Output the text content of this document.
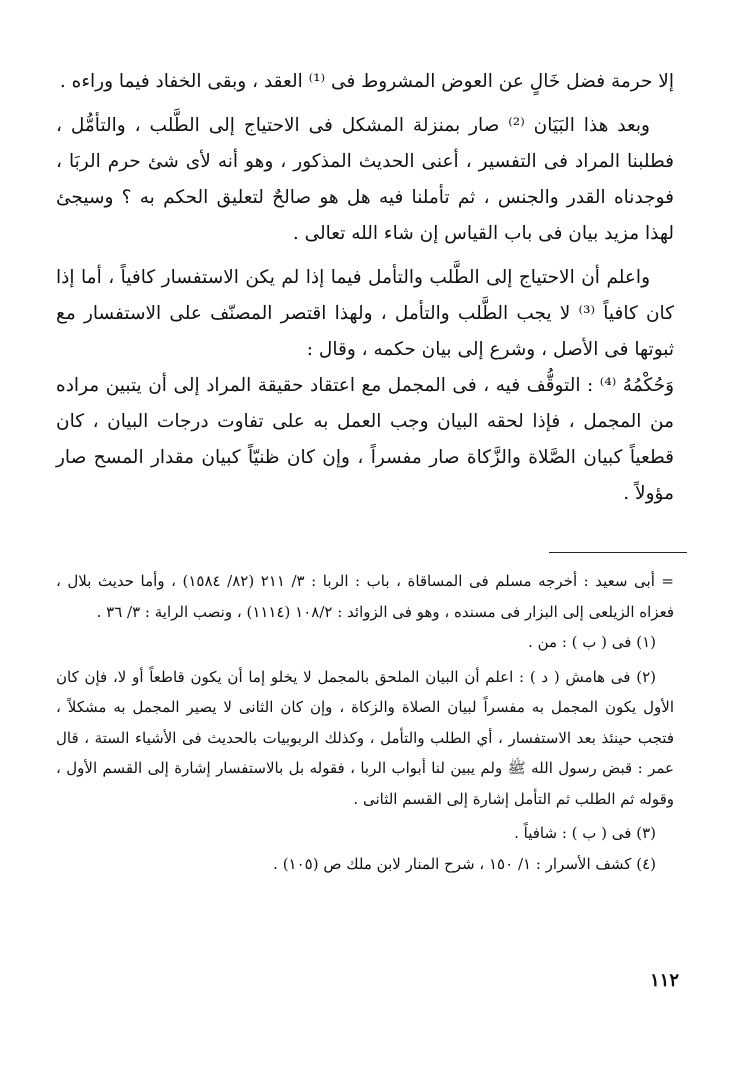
إلا حرمة فضل خَالٍ عن العوض المشروط فى ⁽¹⁾ العقد ، وبقى الخفاد فيما وراءه .

وبعد هذا البَيَان ⁽²⁾ صار بمنزلة المشكل فى الاحتياج إلى الطَّلب ، والتأمُّل ، فطلبنا المراد فى التفسير ، أعنى الحديث المذكور ، وهو أنه لأى شئ حرم الربَا ، فوجدناه القدر والجنس ، ثم تأملنا فيه هل هو صالحٌ لتعليق الحكم به ؟ وسيجئ لهذا مزيد بيان فى باب القياس إن شاء الله تعالى .

واعلم أن الاحتياج إلى الطَّلب والتأمل فيما إذا لم يكن الاستفسار كافياً ، أما إذا كان كافياً ⁽³⁾ لا يجب الطَّلب والتأمل ، ولهذا اقتصر المصنّف على الاستفسار مع ثبوتها فى الأصل ، وشرع إلى بيان حكمه ، وقال :

وَحُكْمُهُ ⁽⁴⁾ : التوقُّف فيه ، فى المجمل مع اعتقاد حقيقة المراد إلى أن يتبين مراده من المجمل ، فإذا لحقه البيان وجب العمل به على تفاوت درجات البيان ، كان قطعياً كبيان الصَّلاة والزَّكاة صار مفسراً ، وإن كان ظنيّاً كبيان مقدار المسح صار مؤولاً .

= أبى سعيد : أخرجه مسلم فى المساقاة ، باب : الربا : ٣/ ٢١١ (٨٢/ ١٥٨٤) ، وأما حديث بلال ، فعزاه الزيلعى إلى البزار فى مسنده ، وهو فى الزوائد : ١٠٨/٢ (١١١٤) ، ونصب الراية : ٣/ ٣٦ .

(١) فى ( ب ) : من .

(٢) فى هامش ( د ) : اعلم أن البيان الملحق بالمجمل لا يخلو إما أن يكون قاطعاً أو لا، فإن كان الأول يكون المجمل به مفسراً لبيان الصلاة والزكاة ، وإن كان الثانى لا يصير المجمل به مشكلاً ، فتجب حينئذ بعد الاستفسار ، أي الطلب والتأمل ، وكذلك الربوبيات بالحديث فى الأشياء الستة ، قال عمر : قبض رسول الله ﷺ ولم يبين لنا أبواب الربا ، فقوله بل بالاستفسار إشارة إلى القسم الأول ، وقوله ثم الطلب ثم التأمل إشارة إلى القسم الثانى .

(٣) فى ( ب ) : شافياً .

(٤) كشف الأسرار : ١/ ١٥٠ ، شرح المنار لابن ملك ص (١٠٥) .

١١٢
